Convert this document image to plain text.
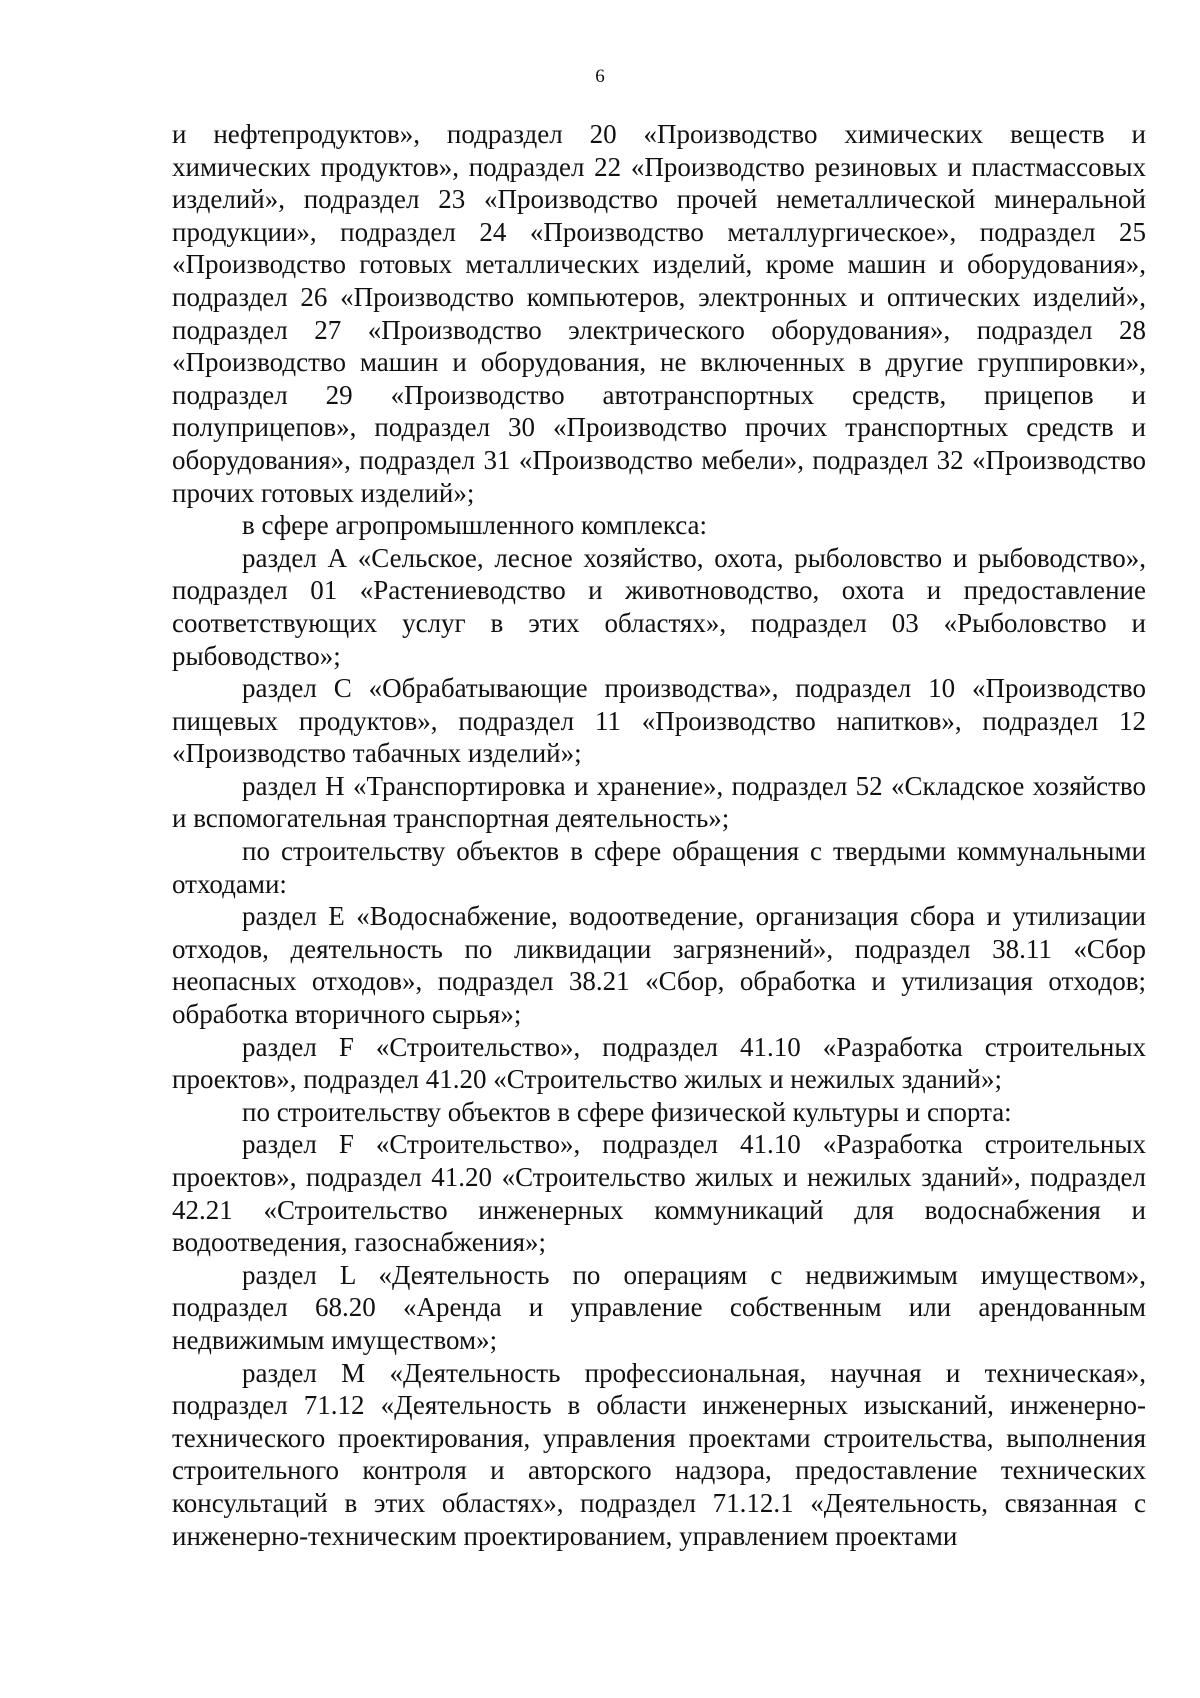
6

и нефтепродуктов», подраздел 20 «Производство химических веществ и химических продуктов», подраздел 22 «Производство резиновых и пластмассовых изделий», подраздел 23 «Производство прочей неметаллической минеральной продукции», подраздел 24 «Производство металлургическое», подраздел 25 «Производство готовых металлических изделий, кроме машин и оборудования», подраздел 26 «Производство компьютеров, электронных и оптических изделий», подраздел 27 «Производство электрического оборудования», подраздел 28 «Производство машин и оборудования, не включенных в другие группировки», подраздел 29 «Производство автотранспортных средств, прицепов и полуприцепов», подраздел 30 «Производство прочих транспортных средств и оборудования», подраздел 31 «Производство мебели», подраздел 32 «Производство прочих готовых изделий»;

в сфере агропромышленного комплекса:

раздел А «Сельское, лесное хозяйство, охота, рыболовство и рыбоводство», подраздел 01 «Растениеводство и животноводство, охота и предоставление соответствующих услуг в этих областях», подраздел 03 «Рыболовство и рыбоводство»;

раздел С «Обрабатывающие производства», подраздел 10 «Производство пищевых продуктов», подраздел 11 «Производство напитков», подраздел 12 «Производство табачных изделий»;

раздел Н «Транспортировка и хранение», подраздел 52 «Складское хозяйство и вспомогательная транспортная деятельность»;

по строительству объектов в сфере обращения с твердыми коммунальными отходами:

раздел Е «Водоснабжение, водоотведение, организация сбора и утилизации отходов, деятельность по ликвидации загрязнений», подраздел 38.11 «Сбор неопасных отходов», подраздел 38.21 «Сбор, обработка и утилизация отходов; обработка вторичного сырья»;

раздел F «Строительство», подраздел 41.10 «Разработка строительных проектов», подраздел 41.20 «Строительство жилых и нежилых зданий»;

по строительству объектов в сфере физической культуры и спорта:

раздел F «Строительство», подраздел 41.10 «Разработка строительных проектов», подраздел 41.20 «Строительство жилых и нежилых зданий», подраздел 42.21 «Строительство инженерных коммуникаций для водоснабжения и водоотведения, газоснабжения»;

раздел L «Деятельность по операциям с недвижимым имуществом», подраздел 68.20 «Аренда и управление собственным или арендованным недвижимым имуществом»;

раздел М «Деятельность профессиональная, научная и техническая», подраздел 71.12 «Деятельность в области инженерных изысканий, инженерно-технического проектирования, управления проектами строительства, выполнения строительного контроля и авторского надзора, предоставление технических консультаций в этих областях», подраздел 71.12.1 «Деятельность, связанная с инженерно-техническим проектированием, управлением проектами
